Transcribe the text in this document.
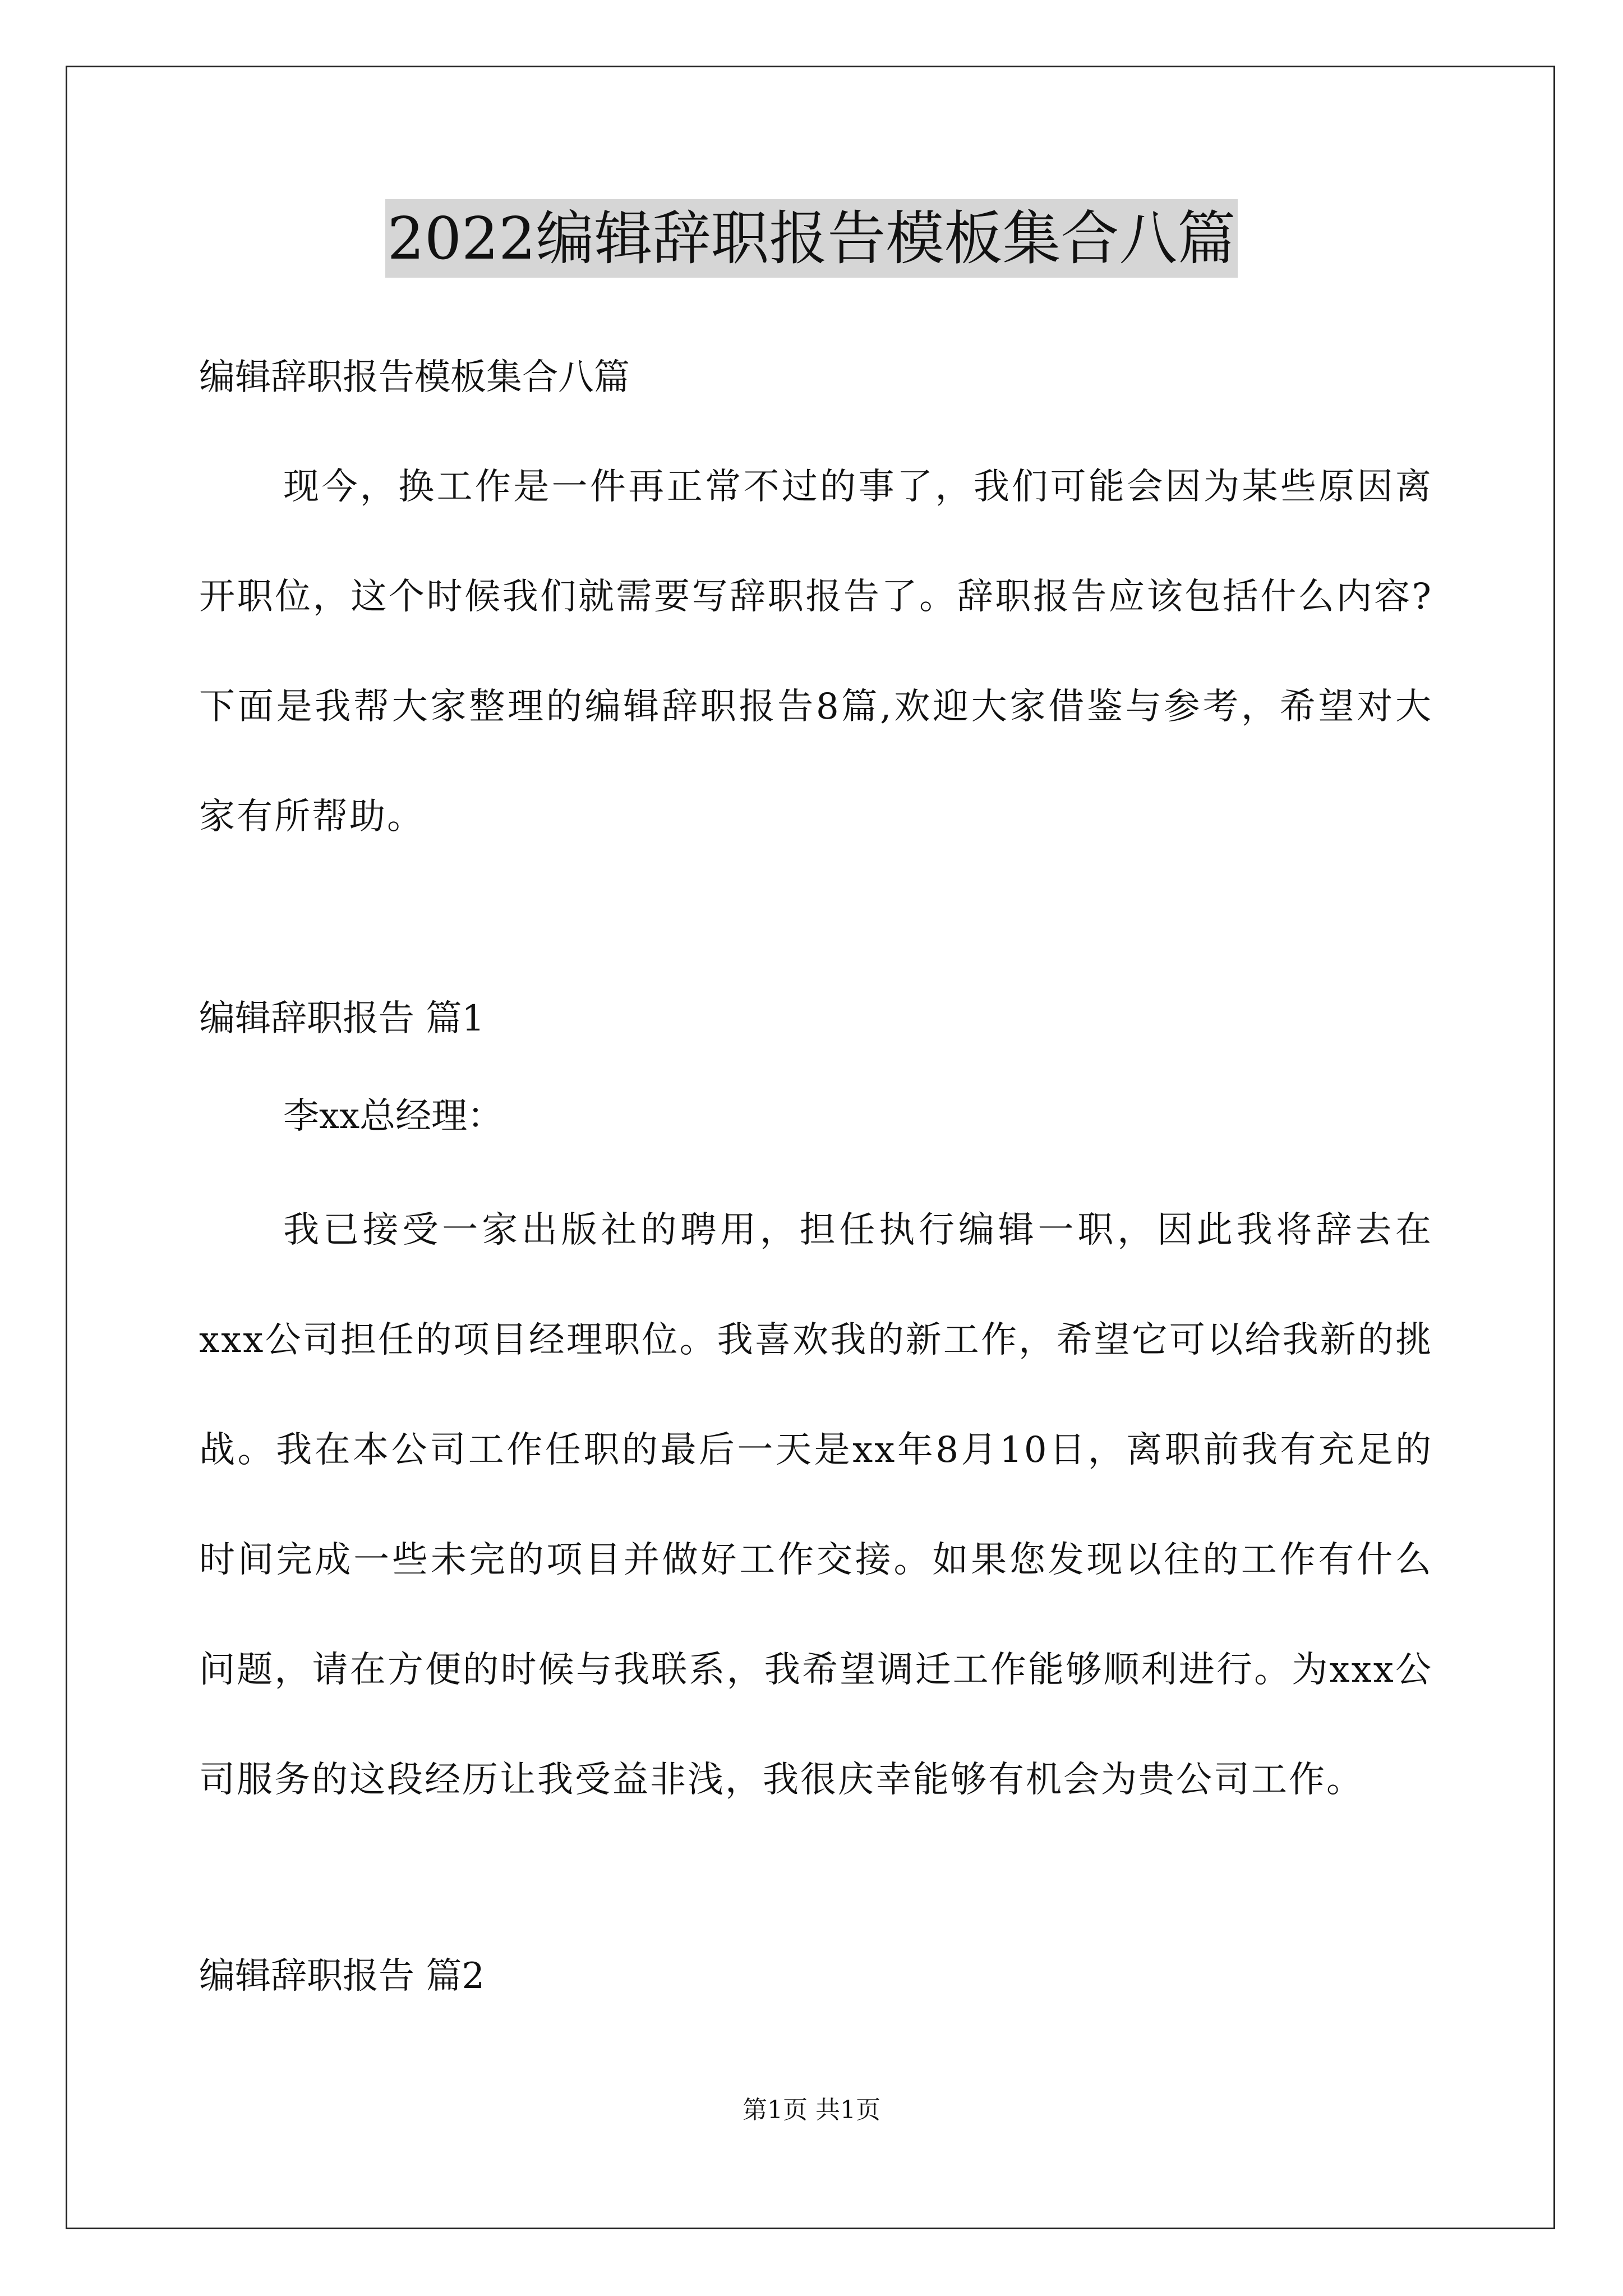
2022编辑辞职报告模板集合八篇
编辑辞职报告模板集合八篇
现今，换工作是一件再正常不过的事了，我们可能会因为某些原因离开职位，这个时候我们就需要写辞职报告了。辞职报告应该包括什么内容?下面是我帮大家整理的编辑辞职报告8篇,欢迎大家借鉴与参考，希望对大家有所帮助。
编辑辞职报告 篇1
李xx总经理：
我已接受一家出版社的聘用，担任执行编辑一职，因此我将辞去在xxx公司担任的项目经理职位。我喜欢我的新工作，希望它可以给我新的挑战。我在本公司工作任职的最后一天是xx年8月10日，离职前我有充足的时间完成一些未完的项目并做好工作交接。如果您发现以往的工作有什么问题，请在方便的时候与我联系，我希望调迁工作能够顺利进行。为xxx公司服务的这段经历让我受益非浅，我很庆幸能够有机会为贵公司工作。
编辑辞职报告 篇2
第1页 共1页
